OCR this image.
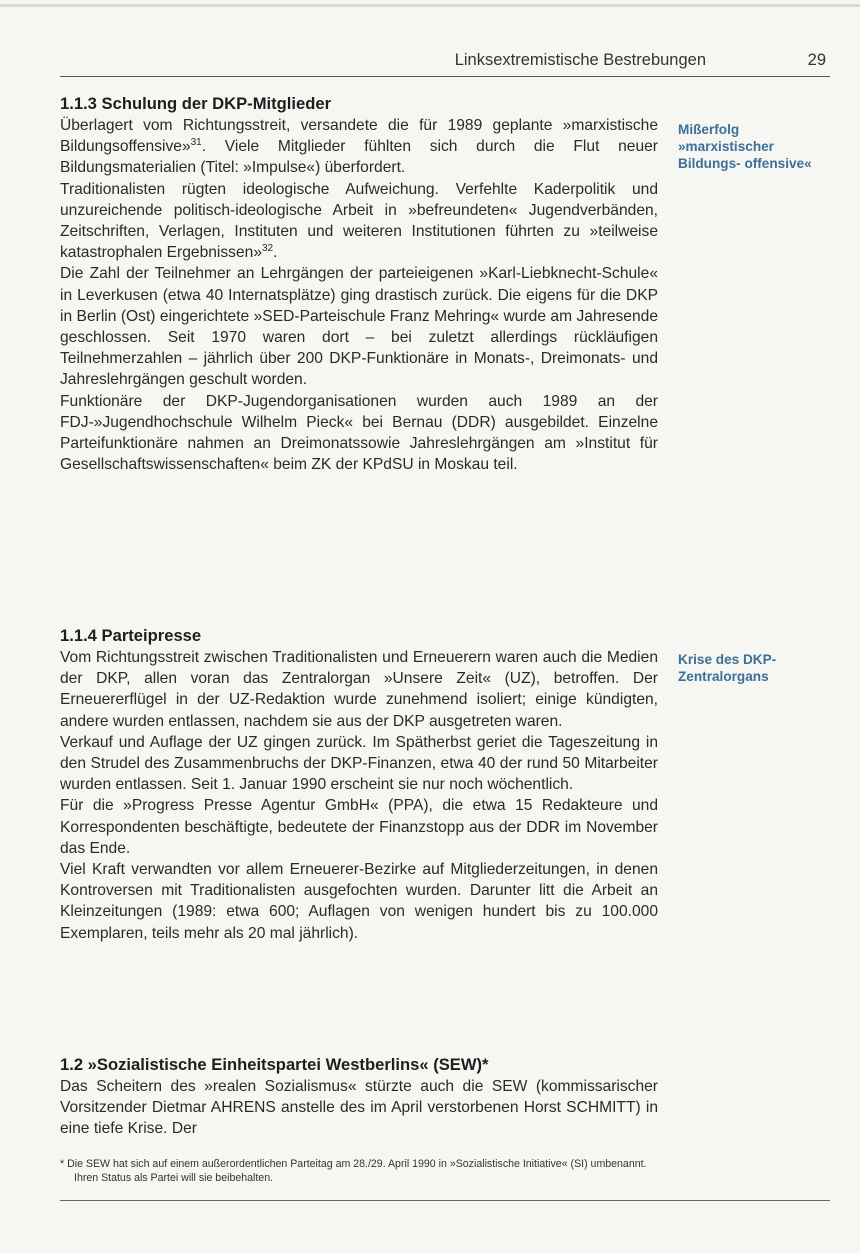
Linksextremistische Bestrebungen	29
1.1.3 Schulung der DKP-Mitglieder

Überlagert vom Richtungsstreit, versandete die für 1989 geplante »marxistische Bildungsoffensive»$^{31}$. Viele Mitglieder fühlten sich durch die Flut neuer Bildungsmaterialien (Titel: »Impulse«) überfordert.

Traditionalisten rügten ideologische Aufweichung. Verfehlte Kaderpolitik und unzureichende politisch-ideologische Arbeit in »befreundeten« Jugendverbänden, Zeitschriften, Verlagen, Instituten und weiteren Institutionen führten zu »teilweise katastrophalen Ergebnissen»$^{32}$.

Die Zahl der Teilnehmer an Lehrgängen der parteieigenen »Karl-Liebknecht-Schule« in Leverkusen (etwa 40 Internatsplätze) ging drastisch zurück. Die eigens für die DKP in Berlin (Ost) eingerichtete »SED-Parteischule Franz Mehring« wurde am Jahresende geschlossen. Seit 1970 waren dort – bei zuletzt allerdings rückläufigen Teilnehmerzahlen – jährlich über 200 DKP-Funktionäre in Monats-, Dreimonats- und Jahreslehrgängen geschult worden.

Funktionäre der DKP-Jugendorganisationen wurden auch 1989 an der FDJ-»Jugendhochschule Wilhelm Pieck« bei Bernau (DDR) ausgebildet. Einzelne Parteifunktionäre nahmen an Dreimonatssowie Jahreslehrgängen am »Institut für Gesellschaftswissenschaften« beim ZK der KPdSU in Moskau teil.

Mißerfolg »marxistischer Bildungs- offensive«

1.1.4 Parteipresse

Vom Richtungsstreit zwischen Traditionalisten und Erneuerern waren auch die Medien der DKP, allen voran das Zentralorgan »Unsere Zeit« (UZ), betroffen. Der Erneuererflügel in der UZ-Redaktion wurde zunehmend isoliert; einige kündigten, andere wurden entlassen, nachdem sie aus der DKP ausgetreten waren.

Verkauf und Auflage der UZ gingen zurück. Im Spätherbst geriet die Tageszeitung in den Strudel des Zusammenbruchs der DKP-Finanzen, etwa 40 der rund 50 Mitarbeiter wurden entlassen. Seit 1. Januar 1990 erscheint sie nur noch wöchentlich.

Für die »Progress Presse Agentur GmbH« (PPA), die etwa 15 Redakteure und Korrespondenten beschäftigte, bedeutete der Finanzstopp aus der DDR im November das Ende.

Viel Kraft verwandten vor allem Erneuerer-Bezirke auf Mitgliederzeitungen, in denen Kontroversen mit Traditionalisten ausgefochten wurden. Darunter litt die Arbeit an Kleinzeitungen (1989: etwa 600; Auflagen von wenigen hundert bis zu 100.000 Exemplaren, teils mehr als 20 mal jährlich).

Krise des DKP-Zentralorgans

1.2 »Sozialistische Einheitspartei Westberlins« (SEW)*

Das Scheitern des »realen Sozialismus« stürzte auch die SEW (kommissarischer Vorsitzender Dietmar AHRENS anstelle des im April verstorbenen Horst SCHMITT) in eine tiefe Krise. Der

* Die SEW hat sich auf einem außerordentlichen Parteitag am 28./29. April 1990 in »Sozialistische Initiative« (SI) umbenannt. Ihren Status als Partei will sie beibehalten.
